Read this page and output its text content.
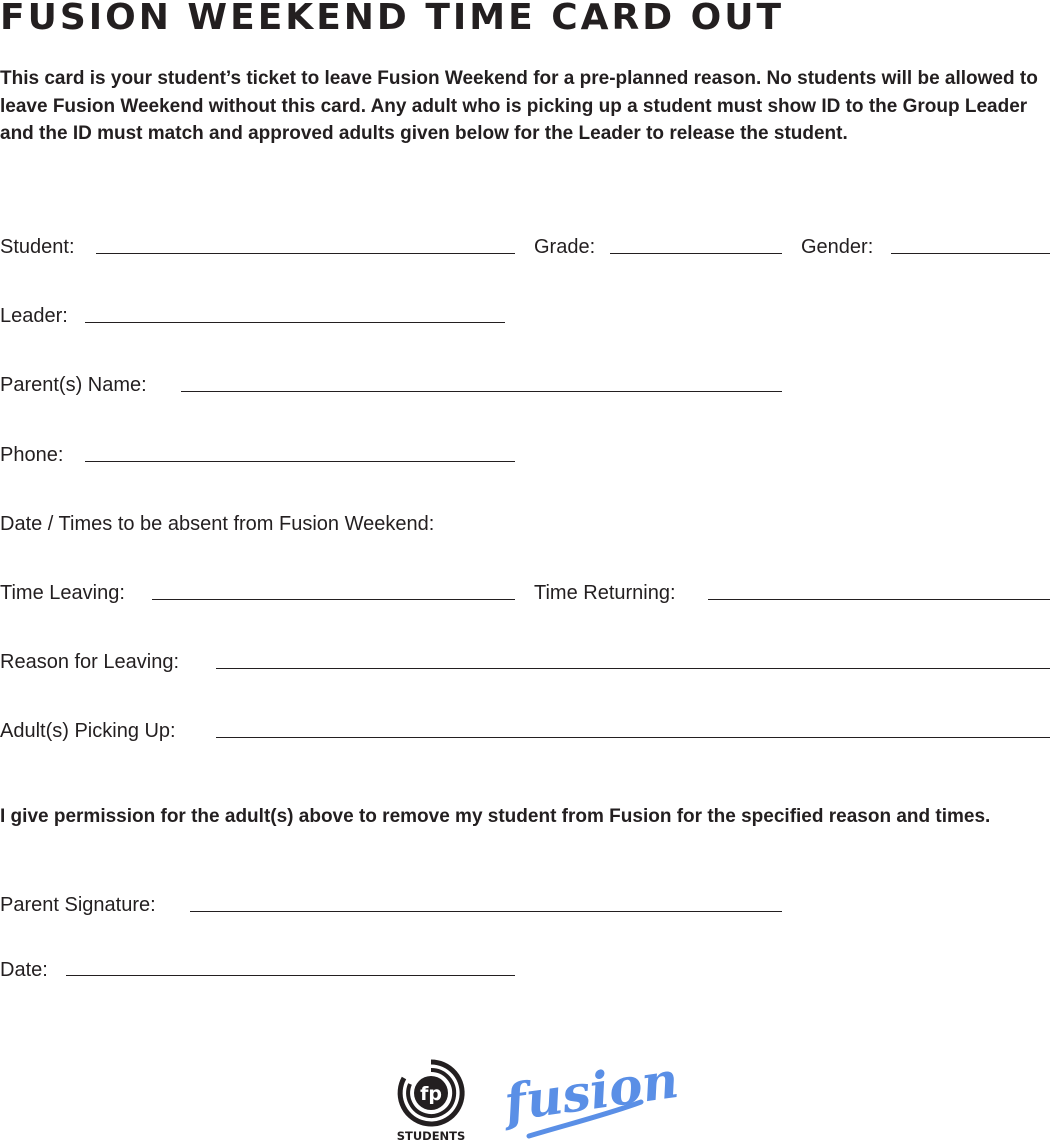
FUSION WEEKEND TIME CARD OUT

This card is your student’s ticket to leave Fusion Weekend for a pre-planned reason. No students will be allowed to leave Fusion Weekend without this card. Any adult who is picking up a student must show ID to the Group Leader and the ID must match and approved adults given below for the Leader to release the student.

Student:	Grade:	Gender:
Leader:
Parent(s) Name:
Phone:
Date / Times to be absent from Fusion Weekend:
Time Leaving:	Time Returning:
Reason for Leaving:
Adult(s) Picking Up:

I give permission for the adult(s) above to remove my student from Fusion for the specified reason and times.

Parent Signature:
Date:
fp
STUDENTS
fusion
